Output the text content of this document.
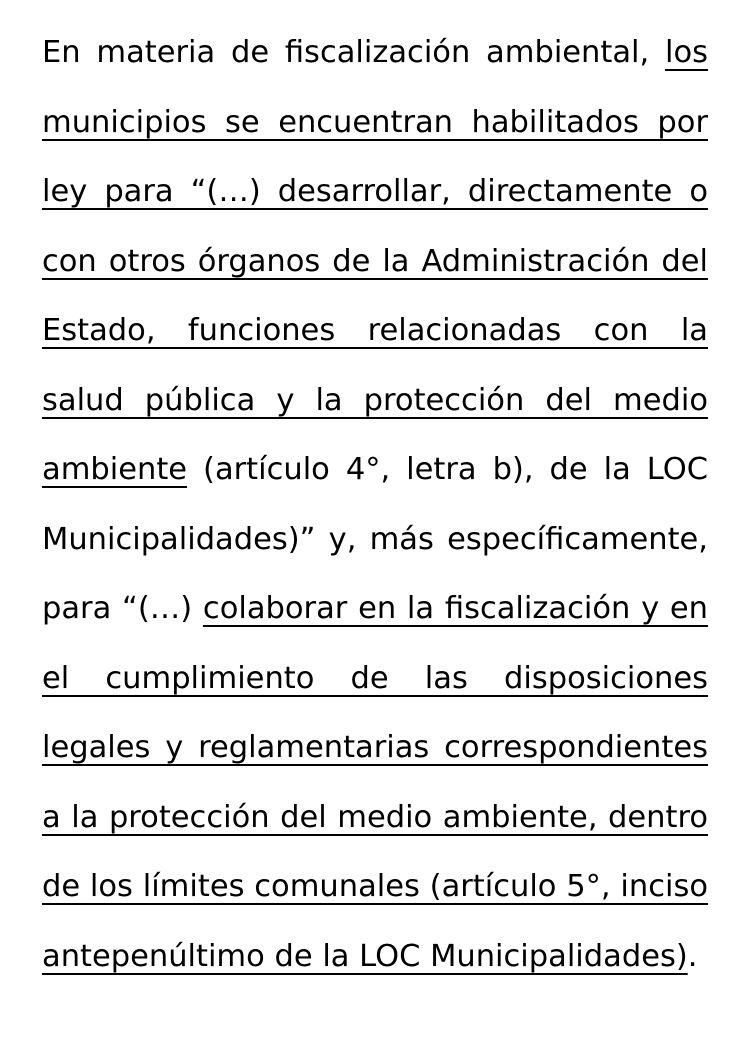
En materia de fiscalización ambiental, los municipios se encuentran habilitados por ley para “(…) desarrollar, directamente o con otros órganos de la Administración del Estado, funciones relacionadas con la salud pública y la protección del medio ambiente (artículo 4°, letra b), de la LOC Municipalidades)” y, más específicamente, para “(…) colaborar en la fiscalización y en el cumplimiento de las disposiciones legales y reglamentarias correspondientes a la protección del medio ambiente, dentro de los límites comunales (artículo 5°, inciso antepenúltimo de la LOC Municipalidades).
